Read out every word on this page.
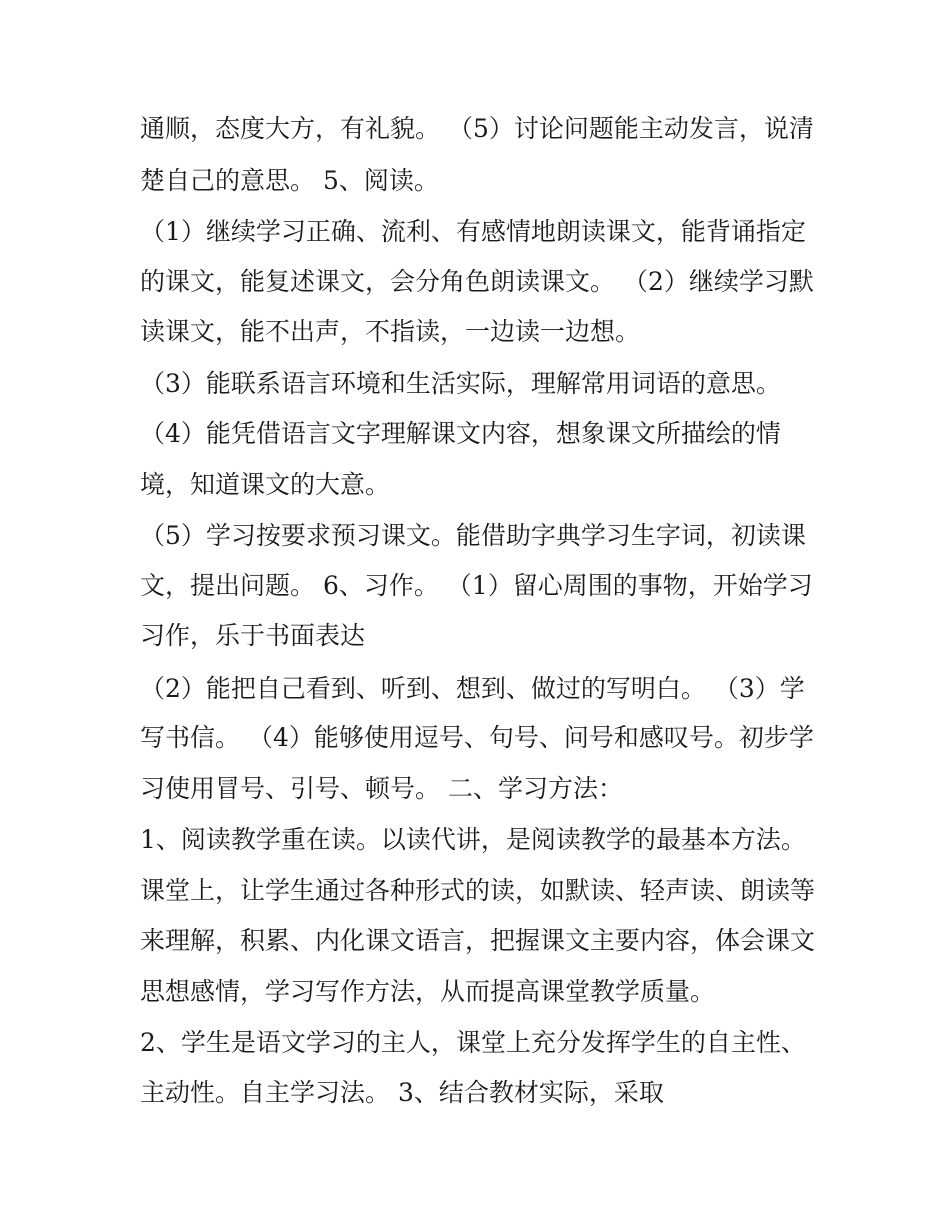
通顺，态度大方，有礼貌。 （5）讨论问题能主动发言，说清
楚自己的意思。 5、阅读。
（1）继续学习正确、流利、有感情地朗读课文，能背诵指定
的课文，能复述课文，会分角色朗读课文。 （2）继续学习默
读课文，能不出声，不指读，一边读一边想。
（3）能联系语言环境和生活实际，理解常用词语的意思。
（4）能凭借语言文字理解课文内容，想象课文所描绘的情
境，知道课文的大意。
（5）学习按要求预习课文。能借助字典学习生字词，初读课
文，提出问题。 6、习作。 （1）留心周围的事物，开始学习
习作，乐于书面表达
（2）能把自己看到、听到、想到、做过的写明白。 （3）学
写书信。 （4）能够使用逗号、句号、问号和感叹号。初步学
习使用冒号、引号、顿号。 二、学习方法：
1、阅读教学重在读。以读代讲，是阅读教学的最基本方法。
课堂上，让学生通过各种形式的读，如默读、轻声读、朗读等
来理解，积累、内化课文语言，把握课文主要内容，体会课文
思想感情，学习写作方法，从而提高课堂教学质量。
2、学生是语文学习的主人，课堂上充分发挥学生的自主性、
主动性。自主学习法。 3、结合教材实际，采取
